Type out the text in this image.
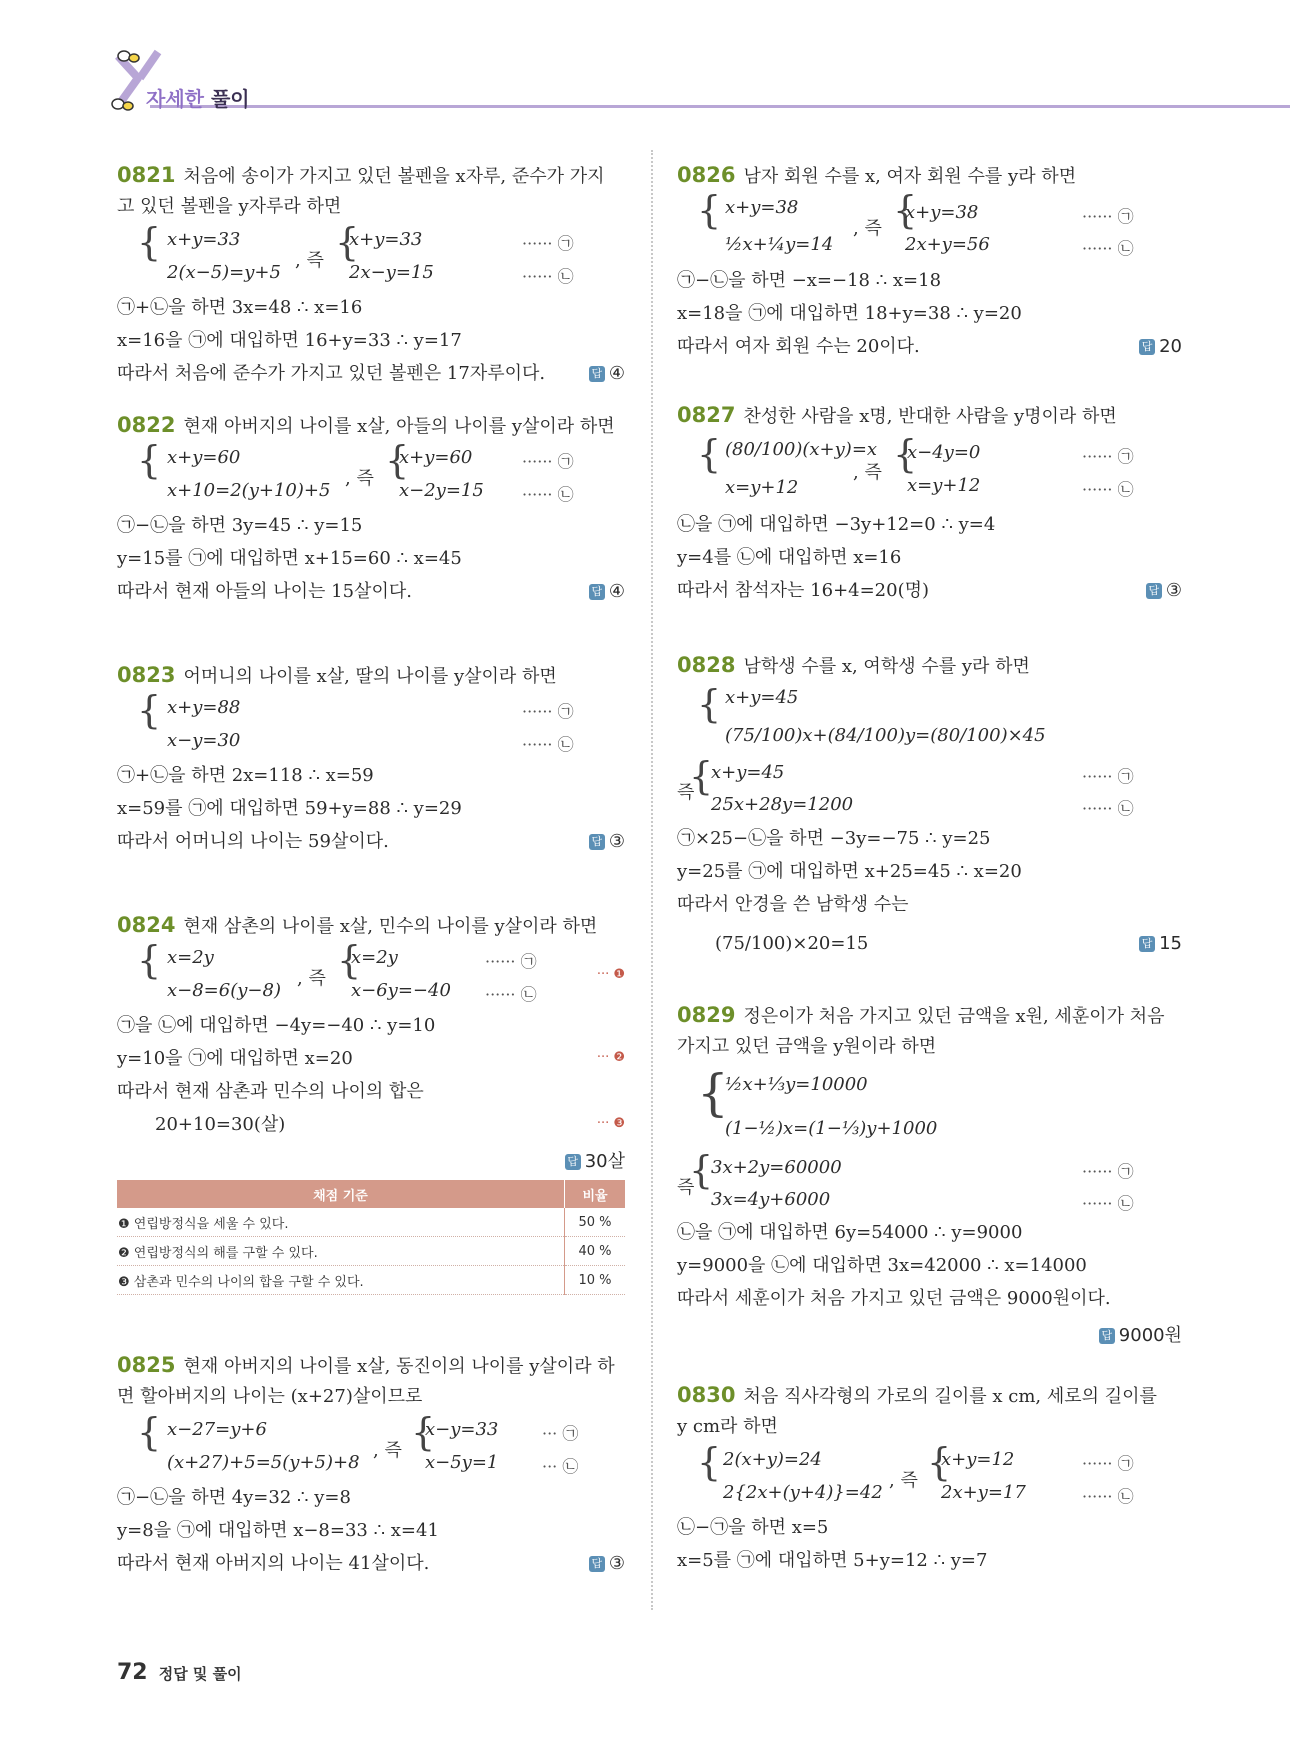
자세한 풀이
0821 처음에 송이가 가지고 있던 볼펜을 x자루, 준수가 가지
고 있던 볼펜을 y자루라 하면
{ x+y=33
2(x−5)=y+5
, 즉 {
x+y=33
2x−y=15
······ ㉠
······ ㉡
㉠+㉡을 하면 3x=48 ∴ x=16
x=16을 ㉠에 대입하면 16+y=33 ∴ y=17
따라서 처음에 준수가 가지고 있던 볼펜은 17자루이다.	답 ④
0822 현재 아버지의 나이를 x살, 아들의 나이를 y살이라 하면
{ x+y=60
x+10=2(y+10)+5
, 즉 {
x+y=60
x−2y=15
······ ㉠
······ ㉡
㉠−㉡을 하면 3y=45 ∴ y=15
y=15를 ㉠에 대입하면 x+15=60 ∴ x=45
따라서 현재 아들의 나이는 15살이다.	답 ④
0823 어머니의 나이를 x살, 딸의 나이를 y살이라 하면
{ x+y=88
x−y=30
······ ㉠
······ ㉡
㉠+㉡을 하면 2x=118 ∴ x=59
x=59를 ㉠에 대입하면 59+y=88 ∴ y=29
따라서 어머니의 나이는 59살이다.	답 ③
0824 현재 삼촌의 나이를 x살, 민수의 나이를 y살이라 하면
{ x=2y
x−8=6(y−8)
, 즉 {
x=2y
x−6y=−40
······ ㉠
······ ㉡
··· ❶
㉠을 ㉡에 대입하면 −4y=−40 ∴ y=10
y=10을 ㉠에 대입하면 x=20	··· ❷
따라서 현재 삼촌과 민수의 나이의 합은
20+10=30(살)	··· ❸
답 30살
채점 기준	비율
❶ 연립방정식을 세울 수 있다.	50 %
❷ 연립방정식의 해를 구할 수 있다.	40 %
❸ 삼촌과 민수의 나이의 합을 구할 수 있다.	10 %
0825 현재 아버지의 나이를 x살, 동진이의 나이를 y살이라 하
면 할아버지의 나이는 (x+27)살이므로
{ x−27=y+6
(x+27)+5=5(y+5)+8
, 즉 {
x−y=33
x−5y=1
··· ㉠
··· ㉡
㉠−㉡을 하면 4y=32 ∴ y=8
y=8을 ㉠에 대입하면 x−8=33 ∴ x=41
따라서 현재 아버지의 나이는 41살이다.	답 ③
0826 남자 회원 수를 x, 여자 회원 수를 y라 하면
{ x+y=38
½x+¼y=14
, 즉 {
x+y=38
2x+y=56
······ ㉠
······ ㉡
㉠−㉡을 하면 −x=−18 ∴ x=18
x=18을 ㉠에 대입하면 18+y=38 ∴ y=20
따라서 여자 회원 수는 20이다.	답 20
0827 찬성한 사람을 x명, 반대한 사람을 y명이라 하면
{ (80/100)(x+y)=x
x=y+12
, 즉 {
x−4y=0
x=y+12
······ ㉠
······ ㉡
㉡을 ㉠에 대입하면 −3y+12=0 ∴ y=4
y=4를 ㉡에 대입하면 x=16
따라서 참석자는 16+4=20(명)	답 ③
0828 남학생 수를 x, 여학생 수를 y라 하면
{ x+y=45
(75/100)x+(84/100)y=(80/100)×45
즉
{
x+y=45
25x+28y=1200
······ ㉠
······ ㉡
㉠×25−㉡을 하면 −3y=−75 ∴ y=25
y=25를 ㉠에 대입하면 x+25=45 ∴ x=20
따라서 안경을 쓴 남학생 수는
(75/100)×20=15	답 15
0829 정은이가 처음 가지고 있던 금액을 x원, 세훈이가 처음
가지고 있던 금액을 y원이라 하면
{
½x+⅓y=10000
(1−½)x=(1−⅓)y+1000
즉
{
3x+2y=60000
3x=4y+6000
······ ㉠
······ ㉡
㉡을 ㉠에 대입하면 6y=54000 ∴ y=9000
y=9000을 ㉡에 대입하면 3x=42000 ∴ x=14000
따라서 세훈이가 처음 가지고 있던 금액은 9000원이다.
답 9000원
0830 처음 직사각형의 가로의 길이를 x cm, 세로의 길이를
y cm라 하면
{ 2(x+y)=24
2{2x+(y+4)}=42
, 즉 {
x+y=12
2x+y=17
······ ㉠
······ ㉡
㉡−㉠을 하면 x=5
x=5를 ㉠에 대입하면 5+y=12 ∴ y=7
72 정답 및 풀이
